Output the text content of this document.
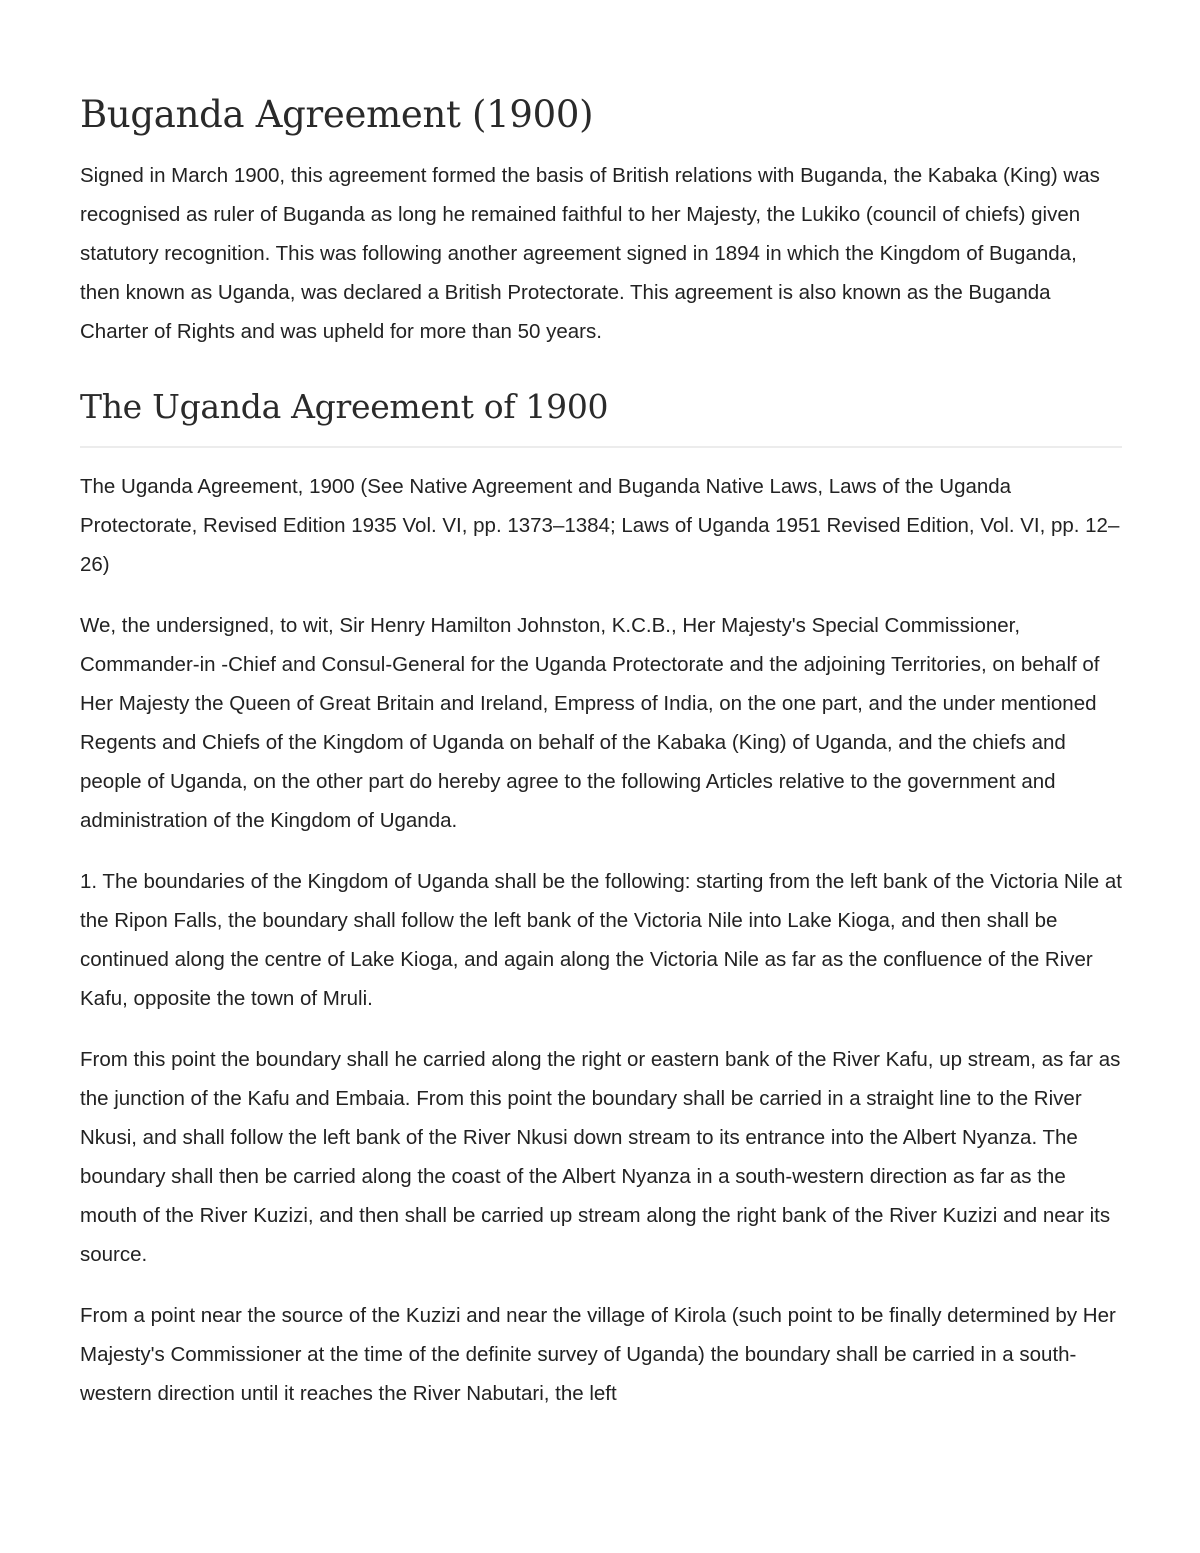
Buganda Agreement (1900)

Signed in March 1900, this agreement formed the basis of British relations with Buganda, the Kabaka (King) was recognised as ruler of Buganda as long he remained faithful to her Majesty, the Lukiko (council of chiefs) given statutory recognition. This was following another agreement signed in 1894 in which the Kingdom of Buganda, then known as Uganda, was declared a British Protectorate. This agreement is also known as the Buganda Charter of Rights and was upheld for more than 50 years.

The Uganda Agreement of 1900

The Uganda Agreement, 1900 (See Native Agreement and Buganda Native Laws, Laws of the Uganda Protectorate, Revised Edition 1935 Vol. VI, pp. 1373–1384; Laws of Uganda 1951 Revised Edition, Vol. VI, pp. 12–26)

We, the undersigned, to wit, Sir Henry Hamilton Johnston, K.C.B., Her Majesty's Special Commissioner, Commander-in -Chief and Consul-General for the Uganda Protectorate and the adjoining Territories, on behalf of Her Majesty the Queen of Great Britain and Ireland, Empress of India, on the one part, and the under mentioned Regents and Chiefs of the Kingdom of Uganda on behalf of the Kabaka (King) of Uganda, and the chiefs and people of Uganda, on the other part do hereby agree to the following Articles relative to the government and administration of the Kingdom of Uganda.

1. The boundaries of the Kingdom of Uganda shall be the following: starting from the left bank of the Victoria Nile at the Ripon Falls, the boundary shall follow the left bank of the Victoria Nile into Lake Kioga, and then shall be continued along the centre of Lake Kioga, and again along the Victoria Nile as far as the confluence of the River Kafu, opposite the town of Mruli.

From this point the boundary shall he carried along the right or eastern bank of the River Kafu, up stream, as far as the junction of the Kafu and Embaia. From this point the boundary shall be carried in a straight line to the River Nkusi, and shall follow the left bank of the River Nkusi down stream to its entrance into the Albert Nyanza. The boundary shall then be carried along the coast of the Albert Nyanza in a south-western direction as far as the mouth of the River Kuzizi, and then shall be carried up stream along the right bank of the River Kuzizi and near its source.

From a point near the source of the Kuzizi and near the village of Kirola (such point to be finally determined by Her Majesty's Commissioner at the time of the definite survey of Uganda) the boundary shall be carried in a south-western direction until it reaches the River Nabutari, the left
